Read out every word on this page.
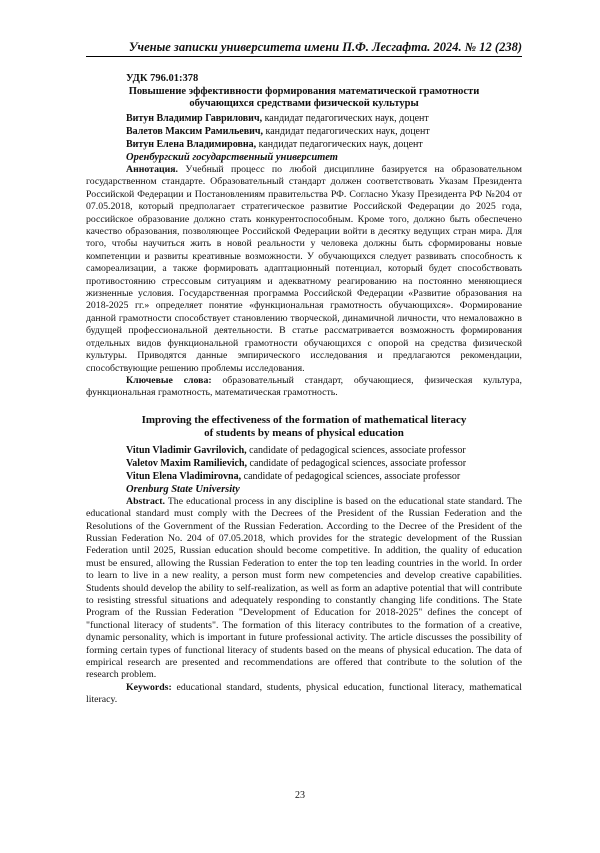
Ученые записки университета имени П.Ф. Лесгафта. 2024. № 12 (238)
УДК 796.01:378
Повышение эффективности формирования математической грамотности
обучающихся средствами физической культуры
Витун Владимир Гаврилович, кандидат педагогических наук, доцент
Валетов Максим Рамильевич, кандидат педагогических наук, доцент
Витун Елена Владимировна, кандидат педагогических наук, доцент
Оренбургский государственный университет

Аннотация. Учебный процесс по любой дисциплине базируется на образовательном государственном стандарте. Образовательный стандарт должен соответствовать Указам Президента Российской Федерации и Постановлениям правительства РФ. Согласно Указу Президента РФ №204 от 07.05.2018, который предполагает стратегическое развитие Российской Федерации до 2025 года, российское образование должно стать конкурентоспособным. Кроме того, должно быть обеспечено качество образования, позволяющее Российской Федерации войти в десятку ведущих стран мира. Для того, чтобы научиться жить в новой реальности у человека должны быть сформированы новые компетенции и развиты креативные возможности. У обучающихся следует развивать способность к самореализации, а также формировать адаптационный потенциал, который будет способствовать противостоянию стрессовым ситуациям и адекватному реагированию на постоянно меняющиеся жизненные условия. Государственная программа Российской Федерации «Развитие образования на 2018-2025 гг.» определяет понятие «функциональная грамотность обучающихся». Формирование данной грамотности способствует становлению творческой, динамичной личности, что немаловажно в будущей профессиональной деятельности. В статье рассматривается возможность формирования отдельных видов функциональной грамотности обучающихся с опорой на средства физической культуры. Приводятся данные эмпирического исследования и предлагаются рекомендации, способствующие решению проблемы исследования.

Ключевые слова: образовательный стандарт, обучающиеся, физическая культура, функциональная грамотность, математическая грамотность.

Improving the effectiveness of the formation of mathematical literacy
of students by means of physical education
Vitun Vladimir Gavrilovich, candidate of pedagogical sciences, associate professor
Valetov Maxim Ramilievich, candidate of pedagogical sciences, associate professor
Vitun Elena Vladimirovna, candidate of pedagogical sciences, associate professor
Orenburg State University

Abstract. The educational process in any discipline is based on the educational state standard. The educational standard must comply with the Decrees of the President of the Russian Federation and the Resolutions of the Government of the Russian Federation. According to the Decree of the President of the Russian Federation No. 204 of 07.05.2018, which provides for the strategic development of the Russian Federation until 2025, Russian education should become competitive. In addition, the quality of education must be ensured, allowing the Russian Federation to enter the top ten leading countries in the world. In order to learn to live in a new reality, a person must form new competencies and develop creative capabilities. Students should develop the ability to self-realization, as well as form an adaptive potential that will contribute to resisting stressful situations and adequately responding to constantly changing life conditions. The State Program of the Russian Federation "Development of Education for 2018-2025" defines the concept of "functional literacy of students". The formation of this literacy contributes to the formation of a creative, dynamic personality, which is important in future professional activity. The article discusses the possibility of forming certain types of functional literacy of students based on the means of physical education. The data of empirical research are presented and recommendations are offered that contribute to the solution of the research problem.

Keywords: educational standard, students, physical education, functional literacy, mathematical literacy.

23
